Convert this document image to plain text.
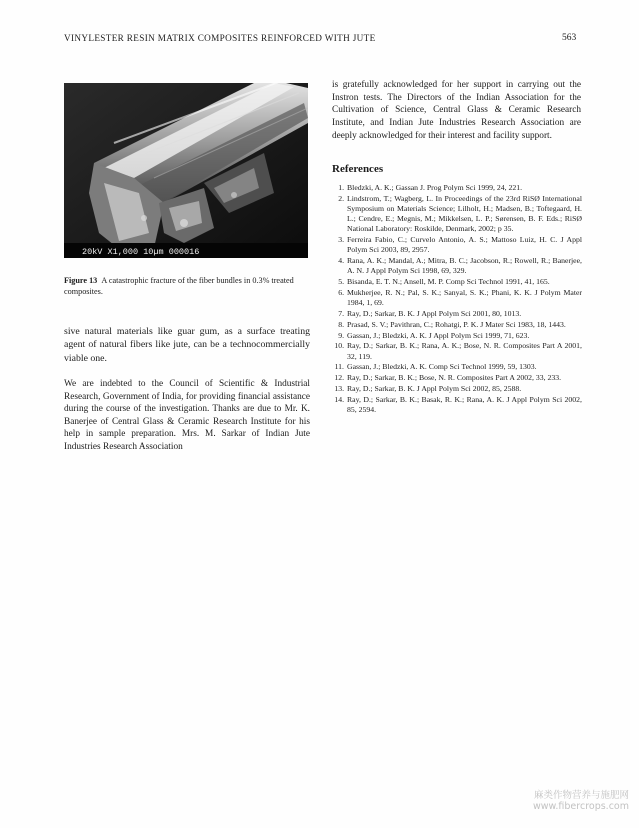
VINYLESTER RESIN MATRIX COMPOSITES REINFORCED WITH JUTE	563
20kV X1,000 10µm 000016
Figure 13 A catastrophic fracture of the fiber bundles in 0.3% treated composites.

sive natural materials like guar gum, as a surface treating agent of natural fibers like jute, can be a technocommercially viable one.

We are indebted to the Council of Scientific & Industrial Research, Government of India, for providing financial assistance during the course of the investigation. Thanks are due to Mr. K. Banerjee of Central Glass & Ceramic Research Institute for his help in sample preparation. Mrs. M. Sarkar of Indian Jute Industries Research Association

is gratefully acknowledged for her support in carrying out the Instron tests. The Directors of the Indian Association for the Cultivation of Science, Central Glass & Ceramic Research Institute, and Indian Jute Industries Research Association are deeply acknowledged for their interest and facility support.

References
1. Bledzki, A. K.; Gassan J. Prog Polym Sci 1999, 24, 221.
2. Lindstrom, T.; Wagberg, L. In Proceedings of the 23rd RiSØ International Symposium on Materials Science; Lilholt, H.; Madsen, B.; Toftegaard, H. L.; Cendre, E.; Megnis, M.; Mikkelsen, L. P.; Sørensen, B. F. Eds.; RiSØ National Laboratory: Roskilde, Denmark, 2002; p 35.
3. Ferreira Fabio, C.; Curvelo Antonio, A. S.; Mattoso Luiz, H. C. J Appl Polym Sci 2003, 89, 2957.
4. Rana, A. K.; Mandal, A.; Mitra, B. C.; Jacobson, R.; Rowell, R.; Banerjee, A. N. J Appl Polym Sci 1998, 69, 329.
5. Bisanda, E. T. N.; Ansell, M. P. Comp Sci Technol 1991, 41, 165.
6. Mukherjee, R. N.; Pal, S. K.; Sanyal, S. K.; Phani, K. K. J Polym Mater 1984, 1, 69.
7. Ray, D.; Sarkar, B. K. J Appl Polym Sci 2001, 80, 1013.
8. Prasad, S. V.; Pavithran, C.; Rohatgi, P. K. J Mater Sci 1983, 18, 1443.
9. Gassan, J.; Bledzki, A. K. J Appl Polym Sci 1999, 71, 623.
10. Ray, D.; Sarkar, B. K.; Rana, A. K.; Bose, N. R. Composites Part A 2001, 32, 119.
11. Gassan, J.; Bledzki, A. K. Comp Sci Technol 1999, 59, 1303.
12. Ray, D.; Sarkar, B. K.; Bose, N. R. Composites Part A 2002, 33, 233.
13. Ray, D.; Sarkar, B. K. J Appl Polym Sci 2002, 85, 2588.
14. Ray, D.; Sarkar, B. K.; Basak, R. K.; Rana, A. K. J Appl Polym Sci 2002, 85, 2594.
麻类作物营养与施肥网
www.fibercrops.com
